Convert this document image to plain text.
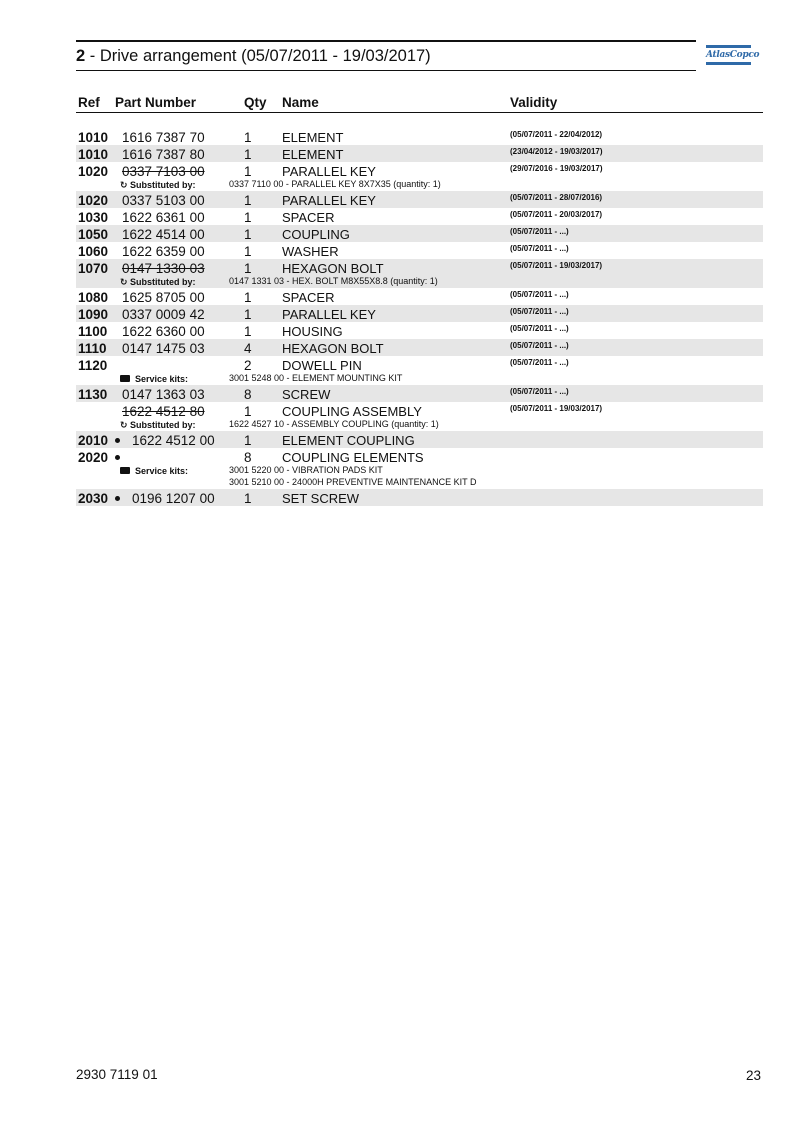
2 - Drive arrangement (05/07/2011 - 19/03/2017)	AtlasCopco
Ref Part Number	Qty Name	Validity
1010 1616 7387 70	1 ELEMENT	(05/07/2011 - 22/04/2012)
1010 1616 7387 80	1 ELEMENT	(23/04/2012 - 19/03/2017)
1020 0337 7103 00	1 PARALLEL KEY	(29/07/2016 - 19/03/2017)
↻ Substituted by:	0337 7110 00 - PARALLEL KEY 8X7X35 (quantity: 1)
1020 0337 5103 00	1 PARALLEL KEY	(05/07/2011 - 28/07/2016)
1030 1622 6361 00	1 SPACER	(05/07/2011 - 20/03/2017)
1050 1622 4514 00	1 COUPLING	(05/07/2011 - ...)
1060 1622 6359 00	1 WASHER	(05/07/2011 - ...)
1070 0147 1330 03	1 HEXAGON BOLT	(05/07/2011 - 19/03/2017)
↻ Substituted by:	0147 1331 03 - HEX. BOLT M8X55X8.8 (quantity: 1)
1080 1625 8705 00	1 SPACER	(05/07/2011 - ...)
1090 0337 0009 42	1 PARALLEL KEY	(05/07/2011 - ...)
1100 1622 6360 00	1 HOUSING	(05/07/2011 - ...)
1110 0147 1475 03	4 HEXAGON BOLT	(05/07/2011 - ...)
1120	2 DOWELL PIN	(05/07/2011 - ...)
Service kits:	3001 5248 00 - ELEMENT MOUNTING KIT
1130 0147 1363 03	8 SCREW	(05/07/2011 - ...)
1622 4512 80	1 COUPLING ASSEMBLY	(05/07/2011 - 19/03/2017)
↻ Substituted by:	1622 4527 10 - ASSEMBLY COUPLING (quantity: 1)
2010 1622 4512 00 1 ELEMENT COUPLING
2020	8 COUPLING ELEMENTS
Service kits:	3001 5220 00 - VIBRATION PADS KIT
3001 5210 00 - 24000H PREVENTIVE MAINTENANCE KIT D
2030 0196 1207 00 1 SET SCREW
2930 7119 01	23
